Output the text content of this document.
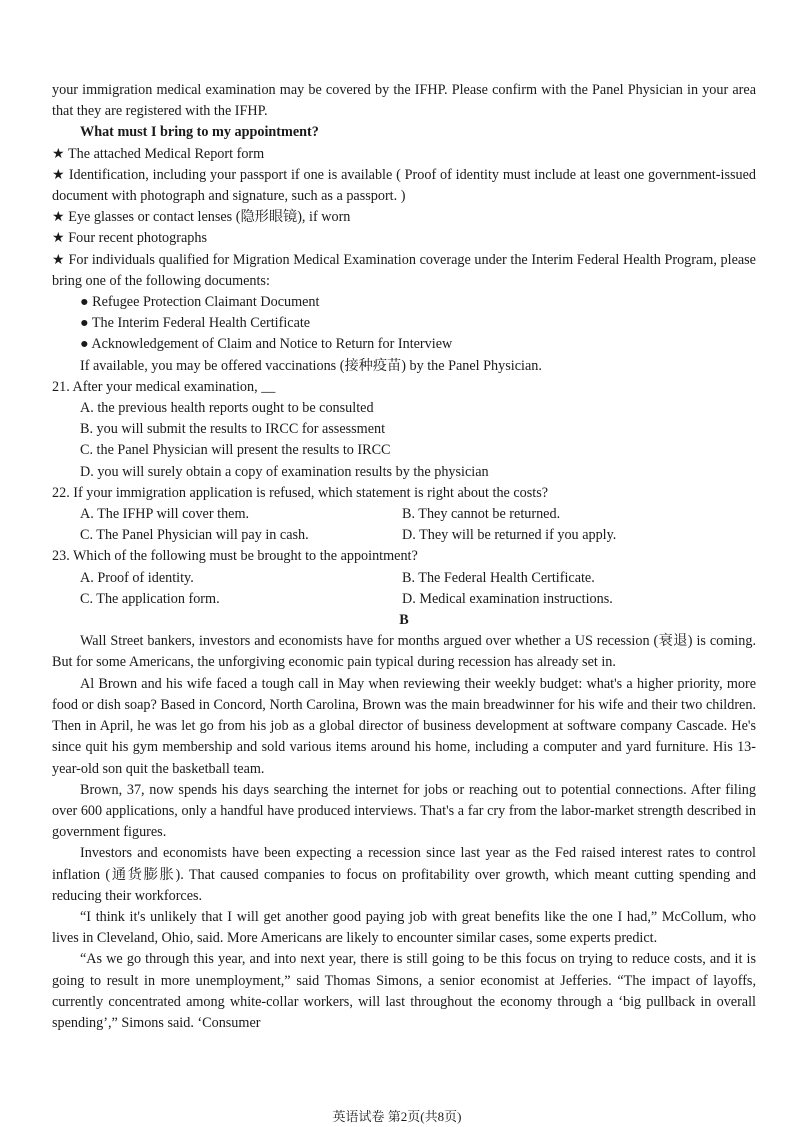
your immigration medical examination may be covered by the IFHP. Please confirm with the Panel Physician in your area that they are registered with the IFHP.
What must I bring to my appointment?
★ The attached Medical Report form
★ Identification, including your passport if one is available ( Proof of identity must include at least one government-issued document with photograph and signature, such as a passport. )
★ Eye glasses or contact lenses (隐形眼镜), if worn
★ Four recent photographs
★ For individuals qualified for Migration Medical Examination coverage under the Interim Federal Health Program, please bring one of the following documents:
● Refugee Protection Claimant Document
● The Interim Federal Health Certificate
● Acknowledgement of Claim and Notice to Return for Interview
If available, you may be offered vaccinations (接种疫苗) by the Panel Physician.
21. After your medical examination, __
A. the previous health reports ought to be consulted
B. you will submit the results to IRCC for assessment
C. the Panel Physician will present the results to IRCC
D. you will surely obtain a copy of examination results by the physician
22. If your immigration application is refused, which statement is right about the costs?
A. The IFHP will cover them.	B. They cannot be returned.
C. The Panel Physician will pay in cash.	D. They will be returned if you apply.
23. Which of the following must be brought to the appointment?
A. Proof of identity.	B. The Federal Health Certificate.
C. The application form.	D. Medical examination instructions.
B
Wall Street bankers, investors and economists have for months argued over whether a US recession (衰退) is coming. But for some Americans, the unforgiving economic pain typical during recession has already set in.
Al Brown and his wife faced a tough call in May when reviewing their weekly budget: what's a higher priority, more food or dish soap? Based in Concord, North Carolina, Brown was the main breadwinner for his wife and their two children. Then in April, he was let go from his job as a global director of business development at software company Cascade. He's since quit his gym membership and sold various items around his home, including a computer and yard furniture. His 13-year-old son quit the basketball team.
Brown, 37, now spends his days searching the internet for jobs or reaching out to potential connections. After filing over 600 applications, only a handful have produced interviews. That's a far cry from the labor-market strength described in government figures.
Investors and economists have been expecting a recession since last year as the Fed raised interest rates to control inflation (通货膨胀). That caused companies to focus on profitability over growth, which meant cutting spending and reducing their workforces.
“I think it's unlikely that I will get another good paying job with great benefits like the one I had,” McCollum, who lives in Cleveland, Ohio, said. More Americans are likely to encounter similar cases, some experts predict.
“As we go through this year, and into next year, there is still going to be this focus on trying to reduce costs, and it is going to result in more unemployment,” said Thomas Simons, a senior economist at Jefferies. “The impact of layoffs, currently concentrated among white-collar workers, will last throughout the economy through a ‘big pullback in overall spending’,” Simons said. ‘Consumer
英语试卷 第2页(共8页)
